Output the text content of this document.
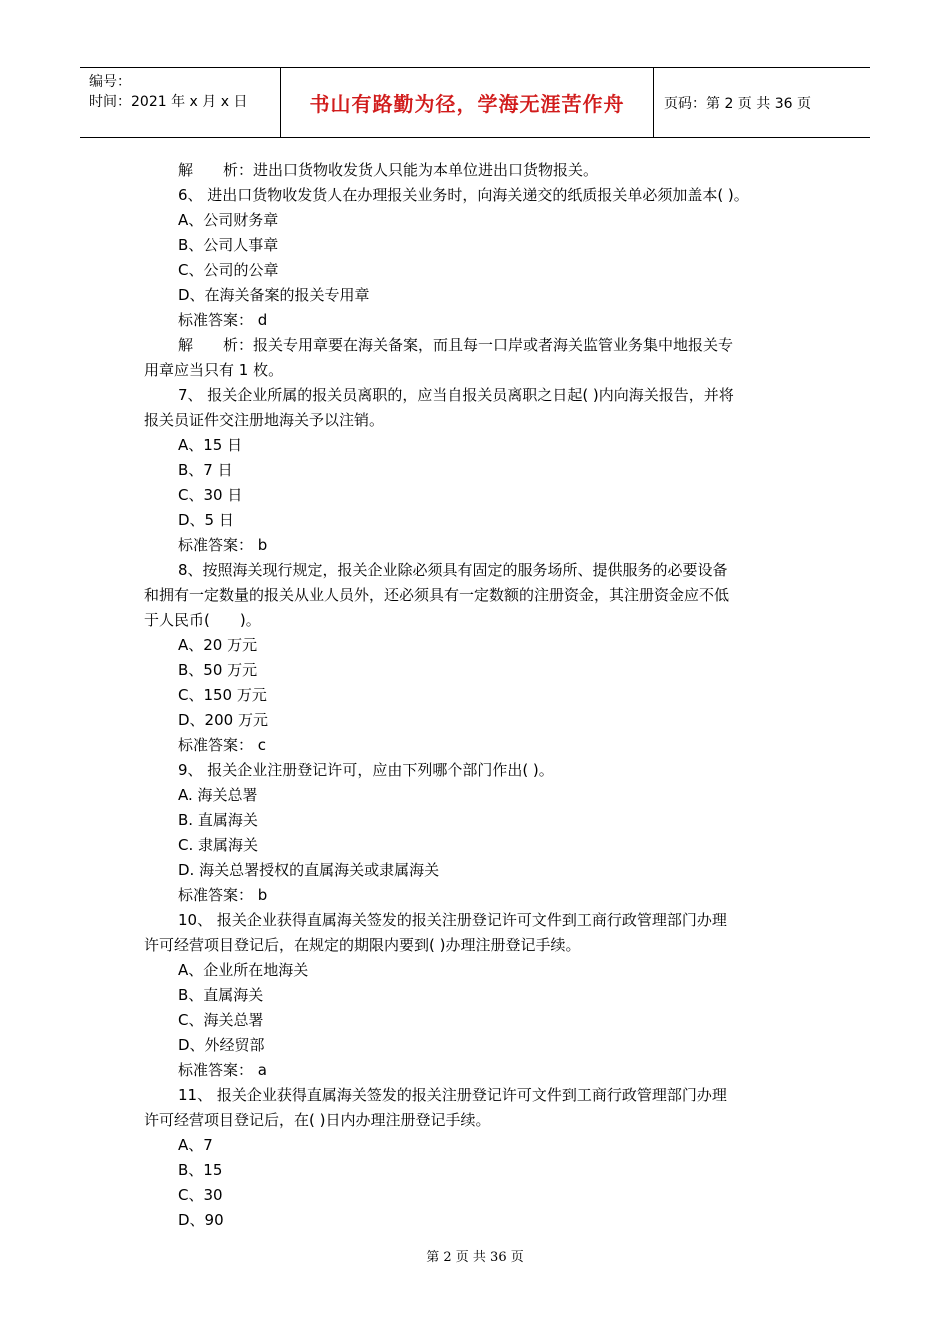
编号：
时间：2021 年 x 月 x 日	书山有路勤为径，学海无涯苦作舟	页码：第 2 页 共 36 页

解　　析：进出口货物收发货人只能为本单位进出口货物报关。

6、 进出口货物收发货人在办理报关业务时，向海关递交的纸质报关单必须加盖本( )。

A、公司财务章

B、公司人事章

C、公司的公章

D、在海关备案的报关专用章

标准答案： d

解　　析：报关专用章要在海关备案，而且每一口岸或者海关监管业务集中地报关专

用章应当只有 1 枚。

7、 报关企业所属的报关员离职的，应当自报关员离职之日起( )内向海关报告，并将

报关员证件交注册地海关予以注销。

A、15 日

B、7 日

C、30 日

D、5 日

标准答案： b

8、按照海关现行规定，报关企业除必须具有固定的服务场所、提供服务的必要设备

和拥有一定数量的报关从业人员外，还必须具有一定数额的注册资金，其注册资金应不低

于人民币(　　)。

A、20 万元

B、50 万元

C、150 万元

D、200 万元

标准答案： c

9、 报关企业注册登记许可，应由下列哪个部门作出( )。

A. 海关总署

B. 直属海关

C. 隶属海关

D. 海关总署授权的直属海关或隶属海关

标准答案： b

10、 报关企业获得直属海关签发的报关注册登记许可文件到工商行政管理部门办理

许可经营项目登记后，在规定的期限内要到( )办理注册登记手续。

A、企业所在地海关

B、直属海关

C、海关总署

D、外经贸部

标准答案： a

11、 报关企业获得直属海关签发的报关注册登记许可文件到工商行政管理部门办理

许可经营项目登记后，在( )日内办理注册登记手续。

A、7

B、15

C、30

D、90

第 2 页 共 36 页
